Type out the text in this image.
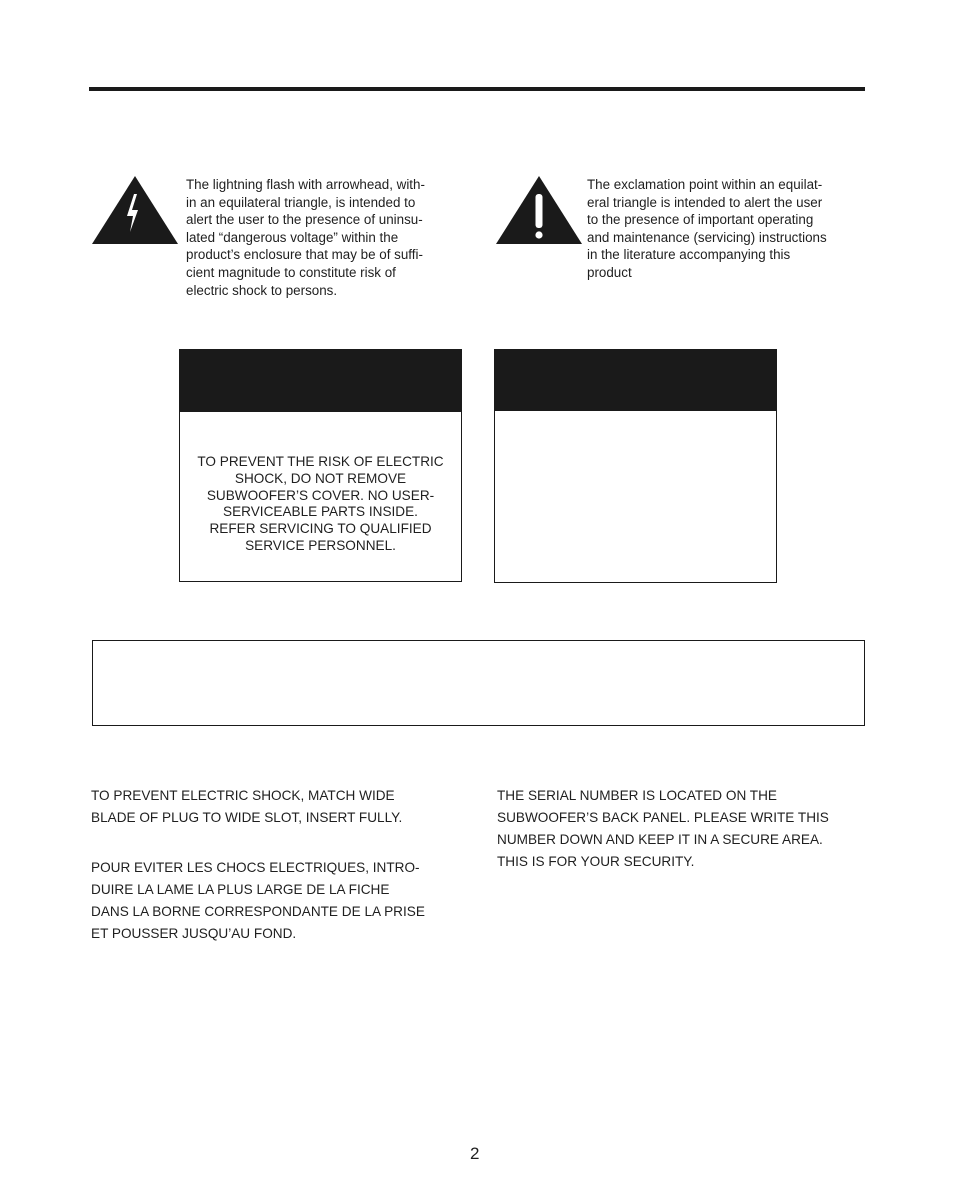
The lightning flash with arrowhead, with-
in an equilateral triangle, is intended to
alert the user to the presence of uninsu-
lated “dangerous voltage” within the
product’s enclosure that may be of suffi-
cient magnitude to constitute risk of
electric shock to persons.
The exclamation point within an equilat-
eral triangle is intended to alert the user
to the presence of important operating
and maintenance (servicing) instructions
in the literature accompanying this
product
TO PREVENT THE RISK OF ELECTRIC
SHOCK, DO NOT REMOVE
SUBWOOFER’S COVER. NO USER-
SERVICEABLE PARTS INSIDE.
REFER SERVICING TO QUALIFIED
SERVICE PERSONNEL.
TO PREVENT ELECTRIC SHOCK, MATCH WIDE
BLADE OF PLUG TO WIDE SLOT, INSERT FULLY.
POUR EVITER LES CHOCS ELECTRIQUES, INTRO-
DUIRE LA LAME LA PLUS LARGE DE LA FICHE
DANS LA BORNE CORRESPONDANTE DE LA PRISE
ET POUSSER JUSQU’AU FOND.
THE SERIAL NUMBER IS LOCATED ON THE
SUBWOOFER’S BACK PANEL. PLEASE WRITE THIS
NUMBER DOWN AND KEEP IT IN A SECURE AREA.
THIS IS FOR YOUR SECURITY.
2
